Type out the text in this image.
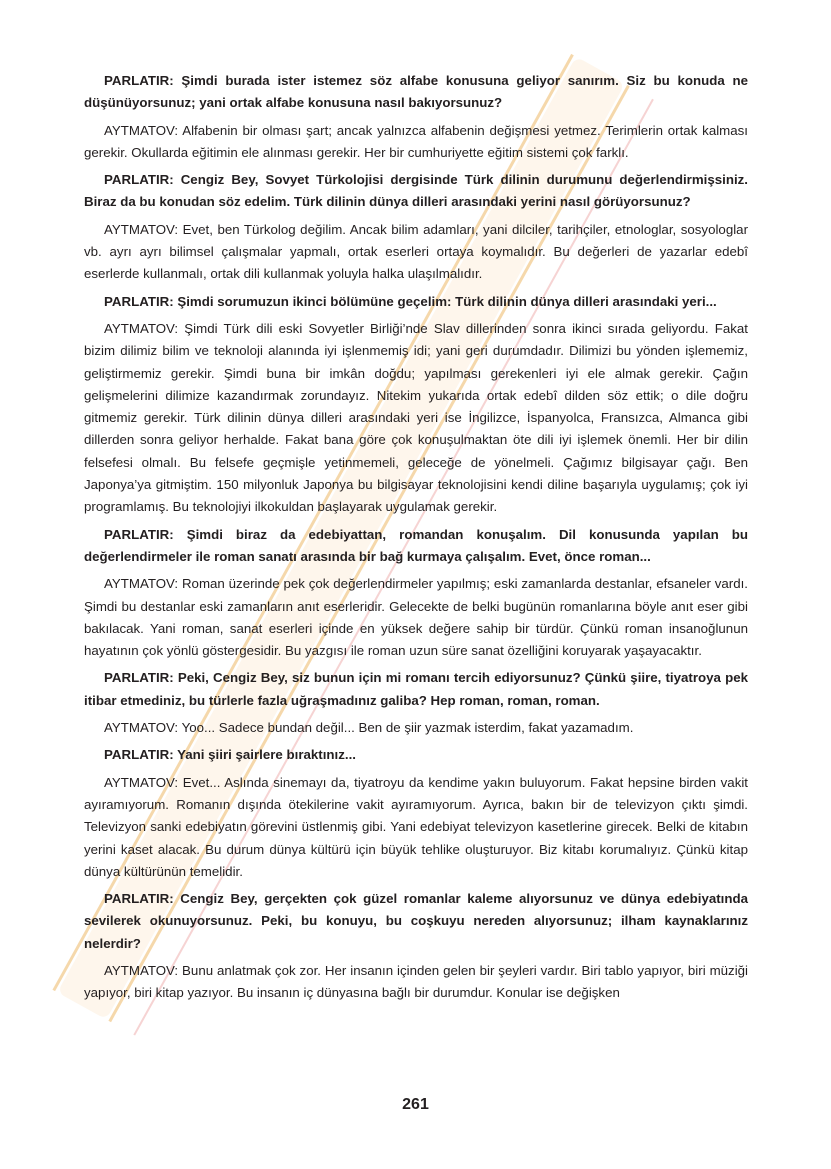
PARLATIR: Şimdi burada ister istemez söz alfabe konusuna geliyor sanırım. Siz bu konuda ne düşünüyorsunuz; yani ortak alfabe konusuna nasıl bakıyorsunuz?

AYTMATOV: Alfabenin bir olması şart; ancak yalnızca alfabenin değişmesi yetmez. Terimlerin ortak kalması gerekir. Okullarda eğitimin ele alınması gerekir. Her bir cumhuriyette eğitim sistemi çok farklı.

PARLATIR: Cengiz Bey, Sovyet Türkolojisi dergisinde Türk dilinin durumunu değerlendirmişsiniz. Biraz da bu konudan söz edelim. Türk dilinin dünya dilleri arasındaki yerini nasıl görüyorsunuz?

AYTMATOV: Evet, ben Türkolog değilim. Ancak bilim adamları, yani dilciler, tarihçiler, etnologlar, sosyologlar vb. ayrı ayrı bilimsel çalışmalar yapmalı, ortak eserleri ortaya koymalıdır. Bu değerleri de yazarlar edebî eserlerde kullanmalı, ortak dili kullanmak yoluyla halka ulaşılmalıdır.

PARLATIR: Şimdi sorumuzun ikinci bölümüne geçelim: Türk dilinin dünya dilleri arasındaki yeri...

AYTMATOV: Şimdi Türk dili eski Sovyetler Birliği’nde Slav dillerinden sonra ikinci sırada geliyordu. Fakat bizim dilimiz bilim ve teknoloji alanında iyi işlenmemiş idi; yani geri durumdadır. Dilimizi bu yönden işlememiz, geliştirmemiz gerekir. Şimdi buna bir imkân doğdu; yapılması gerekenleri iyi ele almak gerekir. Çağın gelişmelerini dilimize kazandırmak zorundayız. Nitekim yukarıda ortak edebî dilden söz ettik; o dile doğru gitmemiz gerekir. Türk dilinin dünya dilleri arasındaki yeri ise İngilizce, İspanyolca, Fransızca, Almanca gibi dillerden sonra geliyor herhalde. Fakat bana göre çok konuşulmaktan öte dili iyi işlemek önemli. Her bir dilin felsefesi olmalı. Bu felsefe geçmişle yetinmemeli, geleceğe de yönelmeli. Çağımız bilgisayar çağı. Ben Japonya’ya gitmiştim. 150 milyonluk Japonya bu bilgisayar teknolojisini kendi diline başarıyla uygulamış; çok iyi programlamış. Bu teknolojiyi ilkokuldan başlayarak uygulamak gerekir.

PARLATIR: Şimdi biraz da edebiyattan, romandan konuşalım. Dil konusunda yapılan bu değerlendirmeler ile roman sanatı arasında bir bağ kurmaya çalışalım. Evet, önce roman...

AYTMATOV: Roman üzerinde pek çok değerlendirmeler yapılmış; eski zamanlarda destanlar, efsaneler vardı. Şimdi bu destanlar eski zamanların anıt eserleridir. Gelecekte de belki bugünün romanlarına böyle anıt eser gibi bakılacak. Yani roman, sanat eserleri içinde en yüksek değere sahip bir türdür. Çünkü roman insanoğlunun hayatının çok yönlü göstergesidir. Bu yazgısı ile roman uzun süre sanat özelliğini koruyarak yaşayacaktır.

PARLATIR: Peki, Cengiz Bey, siz bunun için mi romanı tercih ediyorsunuz? Çünkü şiire, tiyatroya pek itibar etmediniz, bu türlerle fazla uğraşmadınız galiba? Hep roman, roman, roman.

AYTMATOV: Yoo... Sadece bundan değil... Ben de şiir yazmak isterdim, fakat yazamadım.

PARLATIR: Yani şiiri şairlere bıraktınız...

AYTMATOV: Evet... Aslında sinemayı da, tiyatroyu da kendime yakın buluyorum. Fakat hepsine birden vakit ayıramıyorum. Romanın dışında ötekilerine vakit ayıramıyorum. Ayrıca, bakın bir de televizyon çıktı şimdi. Televizyon sanki edebiyatın görevini üstlenmiş gibi. Yani edebiyat televizyon kasetlerine girecek. Belki de kitabın yerini kaset alacak. Bu durum dünya kültürü için büyük tehlike oluşturuyor. Biz kitabı korumalıyız. Çünkü kitap dünya kültürünün temelidir.

PARLATIR: Cengiz Bey, gerçekten çok güzel romanlar kaleme alıyorsunuz ve dünya edebiyatında sevilerek okunuyorsunuz. Peki, bu konuyu, bu coşkuyu nereden alıyorsunuz; ilham kaynaklarınız nelerdir?

AYTMATOV: Bunu anlatmak çok zor. Her insanın içinden gelen bir şeyleri vardır. Biri tablo yapıyor, biri müziği yapıyor, biri kitap yazıyor. Bu insanın iç dünyasına bağlı bir durumdur. Konular ise değişken

261
